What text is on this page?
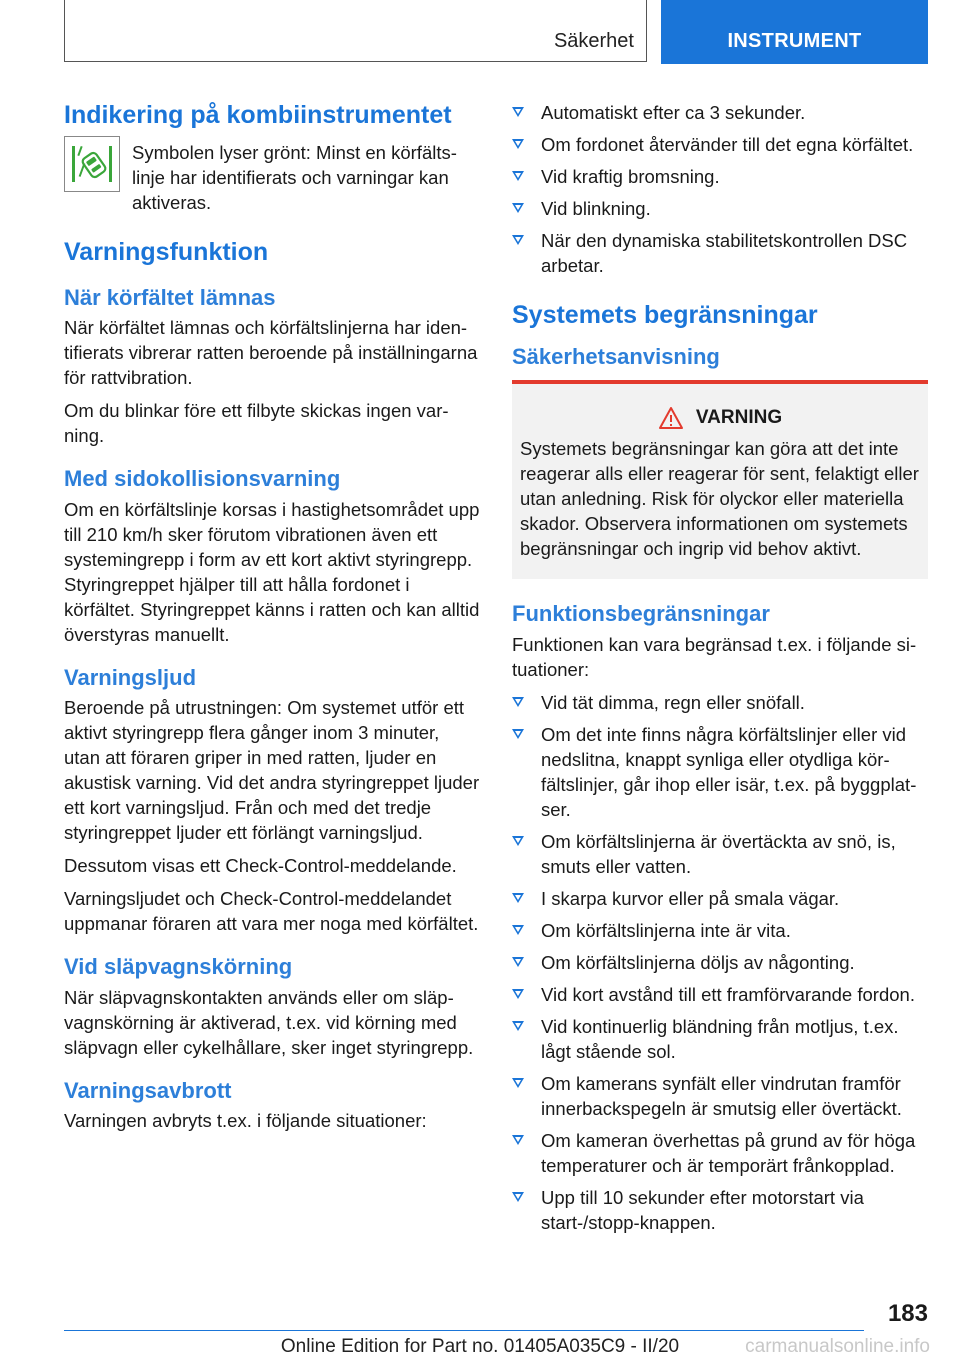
Säkerhet	INSTRUMENT
Indikering på kombiinstrumentet

Symbolen lyser grönt: Minst en körfältslinje har identifierats och varningar kan aktiveras.

Varningsfunktion
När körfältet lämnas

När körfältet lämnas och körfältslinjerna har identifierats vibrerar ratten beroende på inställningarna för rattvibration.

Om du blinkar före ett filbyte skickas ingen varning.

Med sidokollisionsvarning

Om en körfältslinje korsas i hastighetsområdet upp till 210 km/h sker förutom vibrationen även ett systemingrepp i form av ett kort aktivt styringrepp. Styringreppet hjälper till att hålla fordonet i körfältet. Styringreppet känns i ratten och kan alltid överstyras manuellt.

Varningsljud

Beroende på utrustningen: Om systemet utför ett aktivt styringrepp flera gånger inom 3 minuter, utan att föraren griper in med ratten, ljuder en akustisk varning. Vid det andra styringreppet ljuder ett kort varningsljud. Från och med det tredje styringreppet ljuder ett förlängt varningsljud.

Dessutom visas ett Check-Control-meddelande.

Varningsljudet och Check-Control-meddelandet uppmanar föraren att vara mer noga med körfältet.

Vid släpvagnskörning

När släpvagnskontakten används eller om släpvagnskörning är aktiverad, t.ex. vid körning med släpvagn eller cykelhållare, sker inget styringrepp.

Varningsavbrott

Varningen avbryts t.ex. i följande situationer:

Automatiskt efter ca 3 sekunder.
Om fordonet återvänder till det egna körfältet.
Vid kraftig bromsning.
Vid blinkning.
När den dynamiska stabilitetskontrollen DSC arbetar.
Systemets begränsningar
Säkerhetsanvisning
VARNING

Systemets begränsningar kan göra att det inte reagerar alls eller reagerar för sent, felaktigt eller utan anledning. Risk för olyckor eller materiella skador. Observera informationen om systemets begränsningar och ingrip vid behov aktivt.

Funktionsbegränsningar

Funktionen kan vara begränsad t.ex. i följande situationer:

Vid tät dimma, regn eller snöfall.
Om det inte finns några körfältslinjer eller vid nedslitna, knappt synliga eller otydliga körfältslinjer, går ihop eller isär, t.ex. på byggplatser.
Om körfältslinjerna är övertäckta av snö, is, smuts eller vatten.
I skarpa kurvor eller på smala vägar.
Om körfältslinjerna inte är vita.
Om körfältslinjerna döljs av någonting.
Vid kort avstånd till ett framförvarande fordon.
Vid kontinuerlig bländning från motljus, t.ex. lågt stående sol.
Om kamerans synfält eller vindrutan framför innerbackspegeln är smutsig eller övertäckt.
Om kameran överhettas på grund av för höga temperaturer och är temporärt frånkopplad.
Upp till 10 sekunder efter motorstart via start-/stopp-knappen.
183
carmanualsonline.info
Online Edition for Part no. 01405A035C9 - II/20
